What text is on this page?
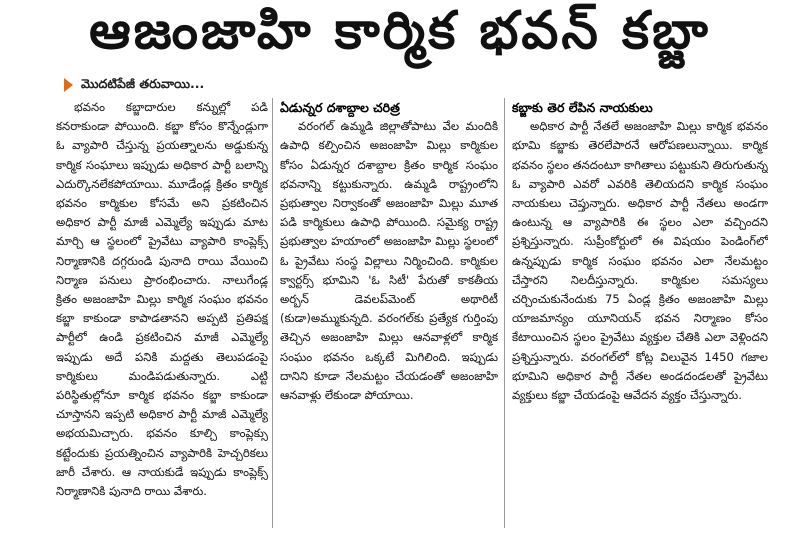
ఆజంజాహి కార్మిక భవన్ కబ్జా
మొదటిపేజీ తరువాయి...

భవనం కబ్జాదారుల కన్నుల్లో పడి కనరాకుండా పోయింది. కబ్జా కోసం కొన్నేండ్లుగా ఓ వ్యాపారి చేస్తున్న ప్రయత్నాలను అడ్డుకున్న కార్మిక సంఘాలు ఇప్పుడు అధికార పార్టీ బలాన్ని ఎదుర్కొనలేకపోయాయి. మూడేండ్ల క్రితం కార్మిక భవనం కార్మికుల కోసమే అని ప్రకటించిన అధికార పార్టీ మాజీ ఎమ్మెల్యే ఇప్పుడు మాట మార్చి ఆ స్థలంలో ప్రైవేటు వ్యాపారి కాంప్లెక్స్ నిర్మాణానికి దగ్గరుండి పునాది రాయి వేయించి నిర్మాణ పనులు ప్రారంభించారు. నాలుగేండ్ల క్రితం అజంజాహి మిల్లు కార్మిక సంఘం భవనం కబ్జా కాకుండా కాపాడతానని అప్పటి ప్రతిపక్ష పార్టీలో ఉండి ప్రకటించిన మాజీ ఎమ్మెల్యే ఇప్పుడు అదే పనికి మద్దతు తెలుపడంపై కార్మికులు మండిపడుతున్నారు. ఎట్టి పరిస్థితుల్లోనూ కార్మిక భవనం కబ్జా కాకుండా చూస్తానని ఇప్పటి అధికార పార్టీ మాజీ ఎమ్మెల్యే అభయమిచ్చారు. భవనం కూల్చి కాంప్లెక్సు కట్టేందుకు ప్రయత్నించిన వ్యాపారికి హెచ్చరికలు జారీ చేశారు. ఆ నాయకుడే ఇప్పుడు కాంప్లెక్స్ నిర్మాణానికి పునాది రాయి వేశారు.

ఏడున్నర దశాబ్దాల చరిత్ర

వరంగల్ ఉమ్మడి జిల్లాతోపాటు వేల మందికి ఉపాధి కల్పించిన అజంజాహి మిల్లు కార్మికుల కోసం ఏడున్నర దశాబ్దాల క్రితం కార్మిక సంఘం భవనాన్ని కట్టుకున్నారు. ఉమ్మడి రాష్ట్రంలోని ప్రభుత్వాల నిర్వాకంతో అజంజాహి మిల్లు మూత పడి కార్మికులు ఉపాధి పోయింది. సమైక్య రాష్ట్ర ప్రభుత్వాల హయాంలో అజంజాహి మిల్లు స్థలంలో ఓ ప్రైవేటు సంస్థ విల్లాలు నిర్మించింది. కార్మికుల క్వార్టర్స్ భూమిని 'ఓ సిటీ' పేరుతో కాకతీయ అర్బన్ డెవలప్‌మెంట్ అథారిటీ (కుడా)అమ్ముకున్నది. వరంగల్‌కు ప్రత్యేక గుర్తింపు తెచ్చిన అజంజాహి మిల్లు ఆనవాళ్లలో కార్మిక సంఘం భవనం ఒక్కటే మిగిలింది. ఇప్పుడు దానిని కూడా నేలమట్టం చేయడంతో అజంజాహి ఆనవాళ్లు లేకుండా పోయాయి.

కబ్జాకు తెర లేపిన నాయకులు

అధికార పార్టీ నేతలే అజంజాహి మిల్లు కార్మిక భవనం భూమి కబ్జాకు తెరలేపారనే ఆరోపణలున్నాయి. కార్మిక భవనం స్థలం తనదంటూ కాగితాలు పట్టుకుని తిరుగుతున్న ఓ వ్యాపారి ఎవరో ఎవరికి తెలియదని కార్మిక సంఘం నాయకులు చెప్తున్నారు. అధికార పార్టీ నేతలు అండగా ఉంటున్న ఆ వ్యాపారికి ఈ స్థలం ఎలా వచ్చిందని ప్రశ్నిస్తున్నారు. సుప్రీంకోర్టులో ఈ విషయం పెండింగ్‌లో ఉన్నప్పుడు కార్మిక సంఘం భవనం ఎలా నేలమట్టం చేస్తారని నిలదీస్తున్నారు. కార్మికుల సమస్యలు చర్చించుకునేందుకు 75 ఏండ్ల క్రితం అజంజాహి మిల్లు యాజమాన్యం యూనియన్ భవన నిర్మాణం కోసం కేటాయించిన స్థలం ప్రైవేటు వ్యక్తుల చేతికి ఎలా వెళ్లిందని ప్రశ్నిస్తున్నారు. వరంగల్‌లో కోట్ల విలువైన 1450 గజాల భూమిని అధికార పార్టీ నేతల అండదండలతో ప్రైవేటు వ్యక్తులు కబ్జా చేయడంపై ఆవేదన వ్యక్తం చేస్తున్నారు.
